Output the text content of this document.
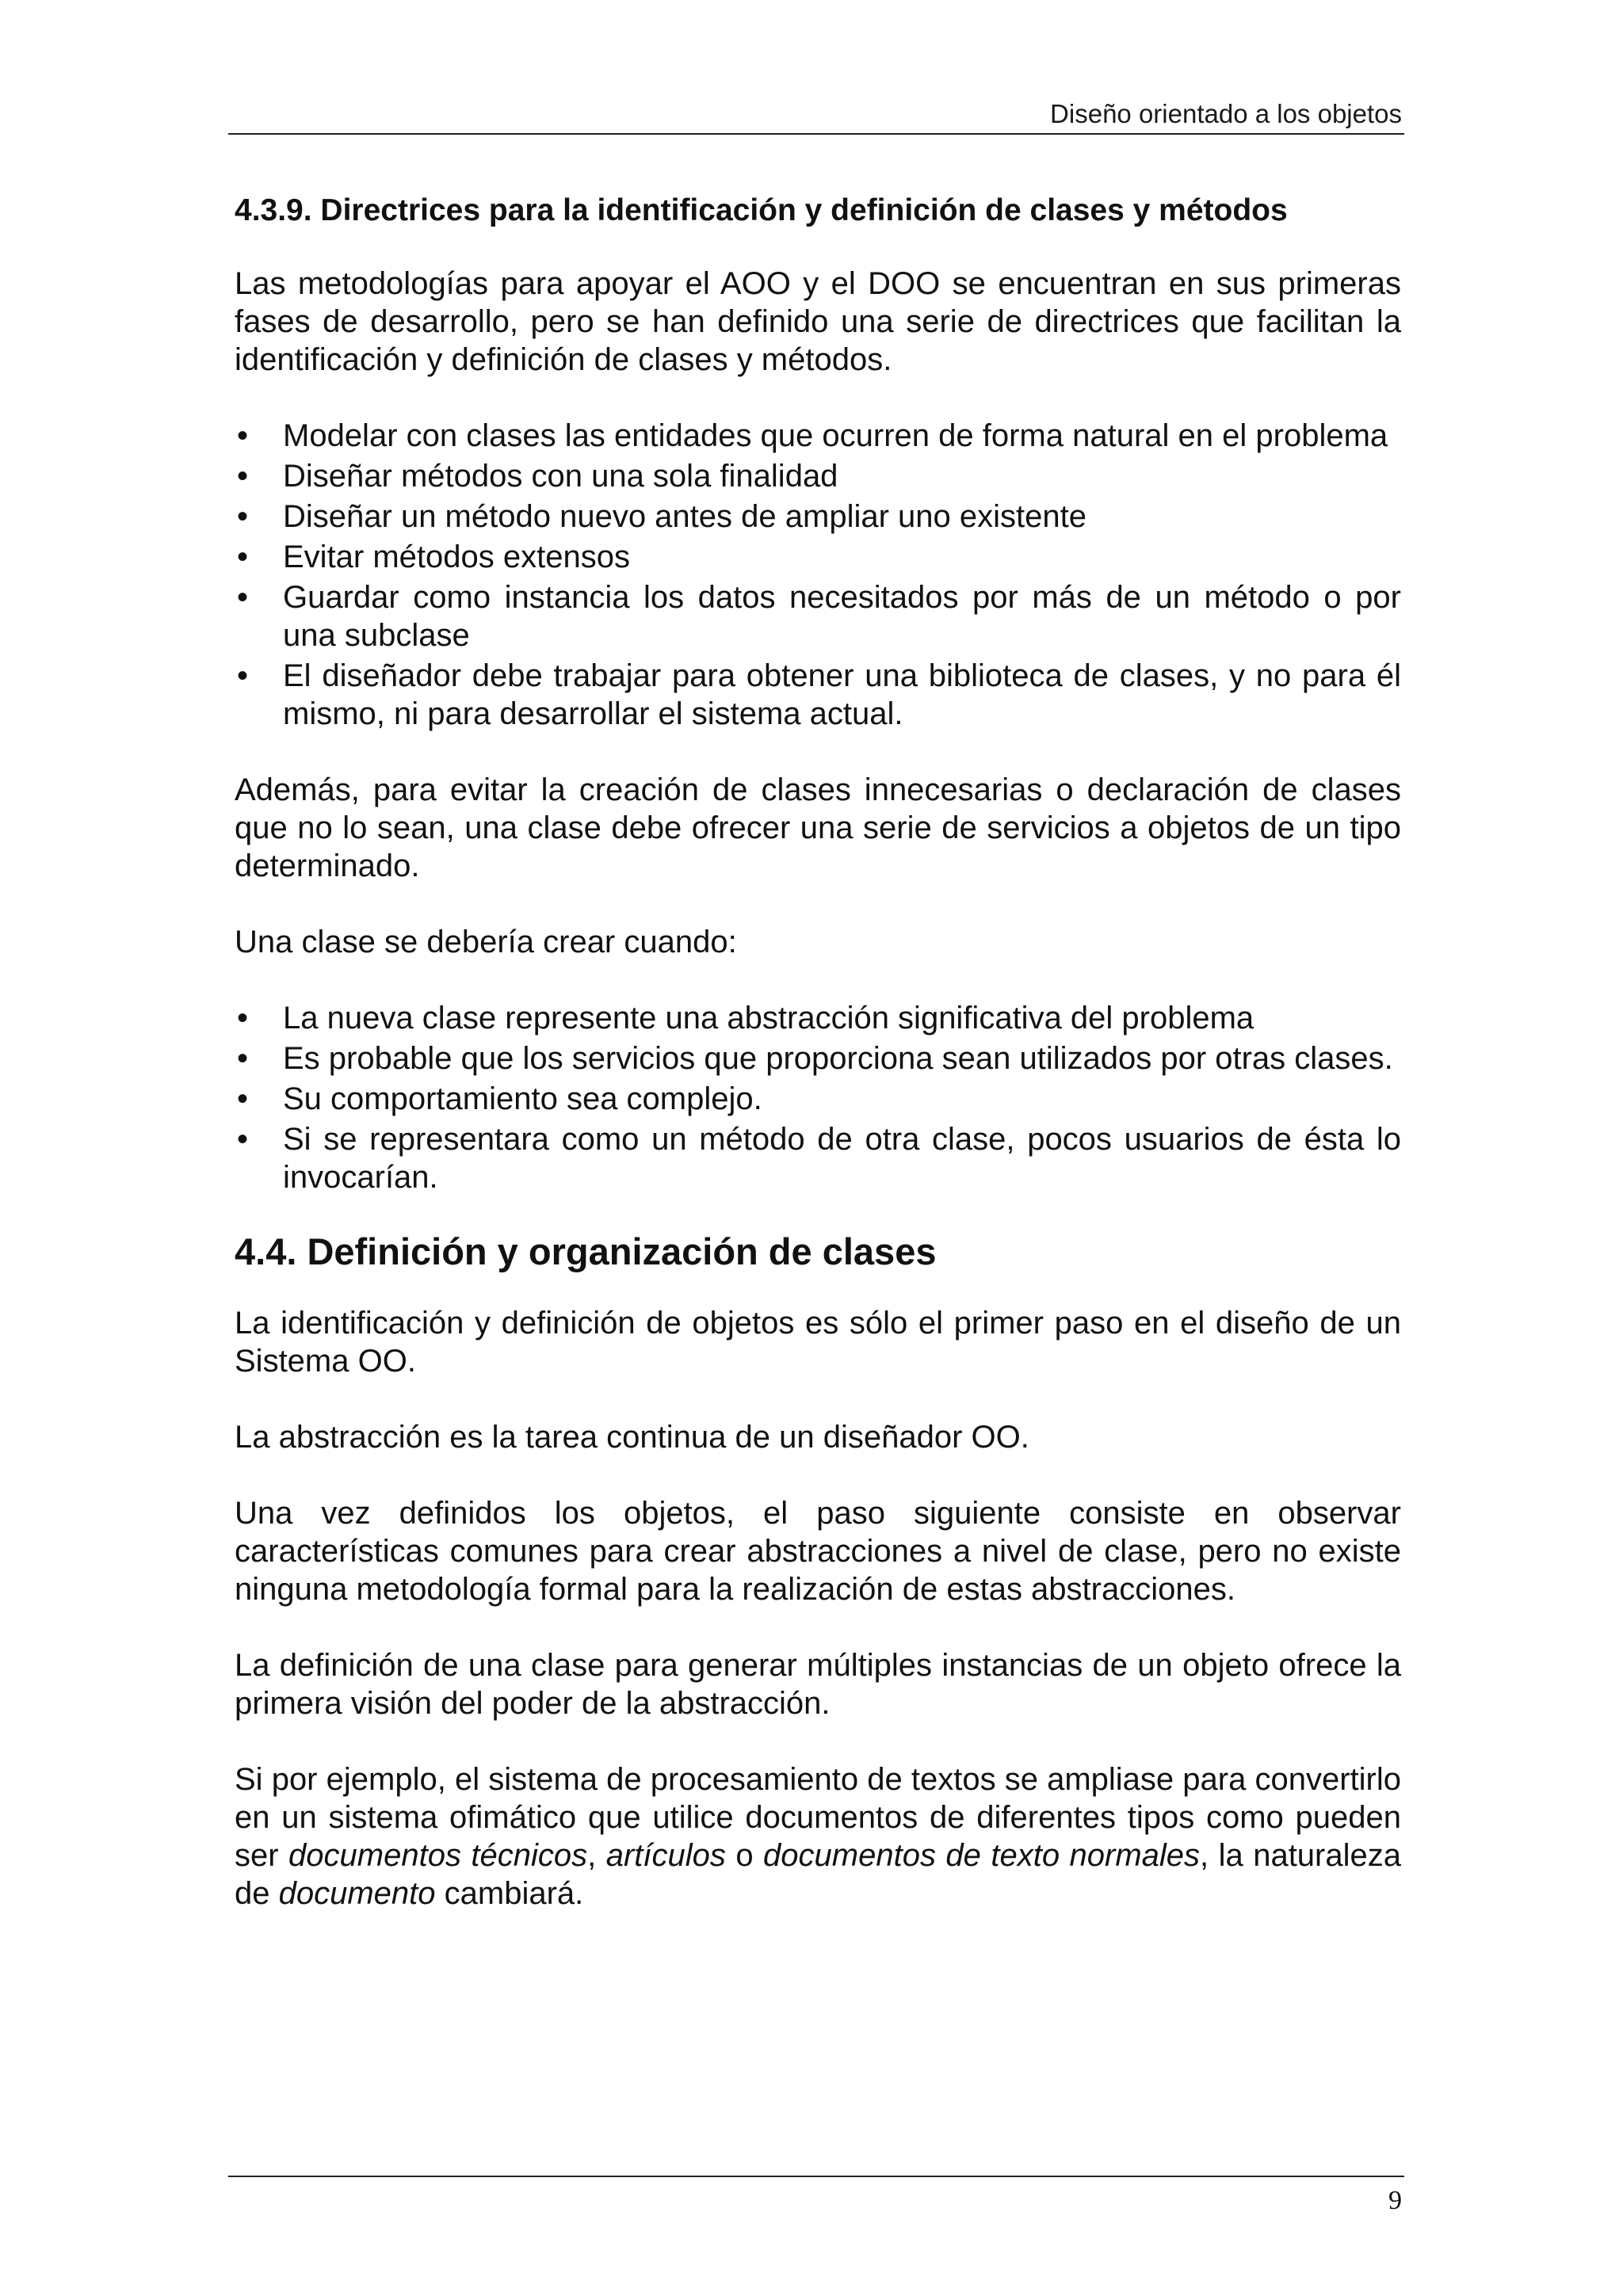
Diseño orientado a los objetos
4.3.9. Directrices para la identificación y definición de clases y métodos

Las metodologías para apoyar el AOO y el DOO se encuentran en sus primeras fases de desarrollo, pero se han definido una serie de directrices que facilitan la identificación y definición de clases y métodos.

• Modelar con clases las entidades que ocurren de forma natural en el problema
• Diseñar métodos con una sola finalidad
• Diseñar un método nuevo antes de ampliar uno existente
• Evitar métodos extensos
• Guardar como instancia los datos necesitados por más de un método o por una subclase
• El diseñador debe trabajar para obtener una biblioteca de clases, y no para él mismo, ni para desarrollar el sistema actual.

Además, para evitar la creación de clases innecesarias o declaración de clases que no lo sean, una clase debe ofrecer una serie de servicios a objetos de un tipo determinado.

Una clase se debería crear cuando:

• La nueva clase represente una abstracción significativa del problema
• Es probable que los servicios que proporciona sean utilizados por otras clases.
• Su comportamiento sea complejo.
• Si se representara como un método de otra clase, pocos usuarios de ésta lo invocarían.
4.4. Definición y organización de clases

La identificación y definición de objetos es sólo el primer paso en el diseño de un Sistema OO.

La abstracción es la tarea continua de un diseñador OO.

Una vez definidos los objetos, el paso siguiente consiste en observar características comunes para crear abstracciones a nivel de clase, pero no existe ninguna metodología formal para la realización de estas abstracciones.

La definición de una clase para generar múltiples instancias de un objeto ofrece la primera visión del poder de la abstracción.

Si por ejemplo, el sistema de procesamiento de textos se ampliase para convertirlo en un sistema ofimático que utilice documentos de diferentes tipos como pueden ser documentos técnicos, artículos o documentos de texto normales, la naturaleza de documento cambiará.

9
